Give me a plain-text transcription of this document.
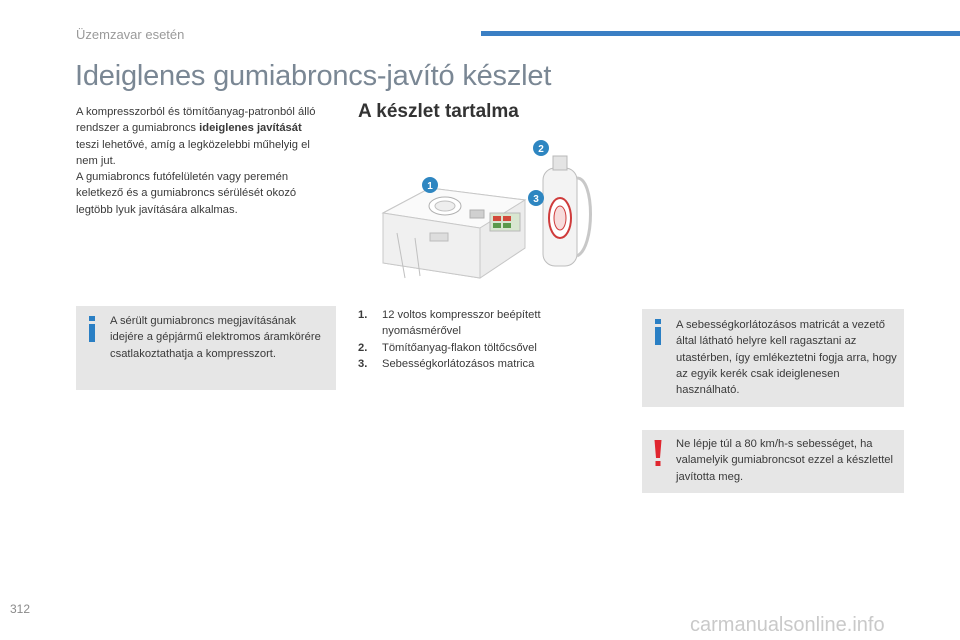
Üzemzavar esetén
Ideiglenes gumiabroncs-javító készlet
A kompresszorból és tömítőanyag-patronból álló rendszer a gumiabroncs ideiglenes javítását teszi lehetővé, amíg a legközelebbi műhelyig el nem jut.
A gumiabroncs futófelületén vagy peremén keletkező és a gumiabroncs sérülését okozó legtöbb lyuk javítására alkalmas.
A készlet tartalma
1
2
3
A sérült gumiabroncs megjavításának idejére a gépjármű elektromos áramkörére csatlakoztathatja a kompresszort.
1. 12 voltos kompresszor beépített nyomásmérővel
2. Tömítőanyag-flakon töltőcsővel
3. Sebességkorlátozásos matrica
A sebességkorlátozásos matricát a vezető által látható helyre kell ragasztani az utastérben, így emlékeztetni fogja arra, hogy az egyik kerék csak ideiglenesen használható.
Ne lépje túl a 80 km/h-s sebességet, ha valamelyik gumiabroncsot ezzel a készlettel javította meg.
312
carmanualsonline.info
